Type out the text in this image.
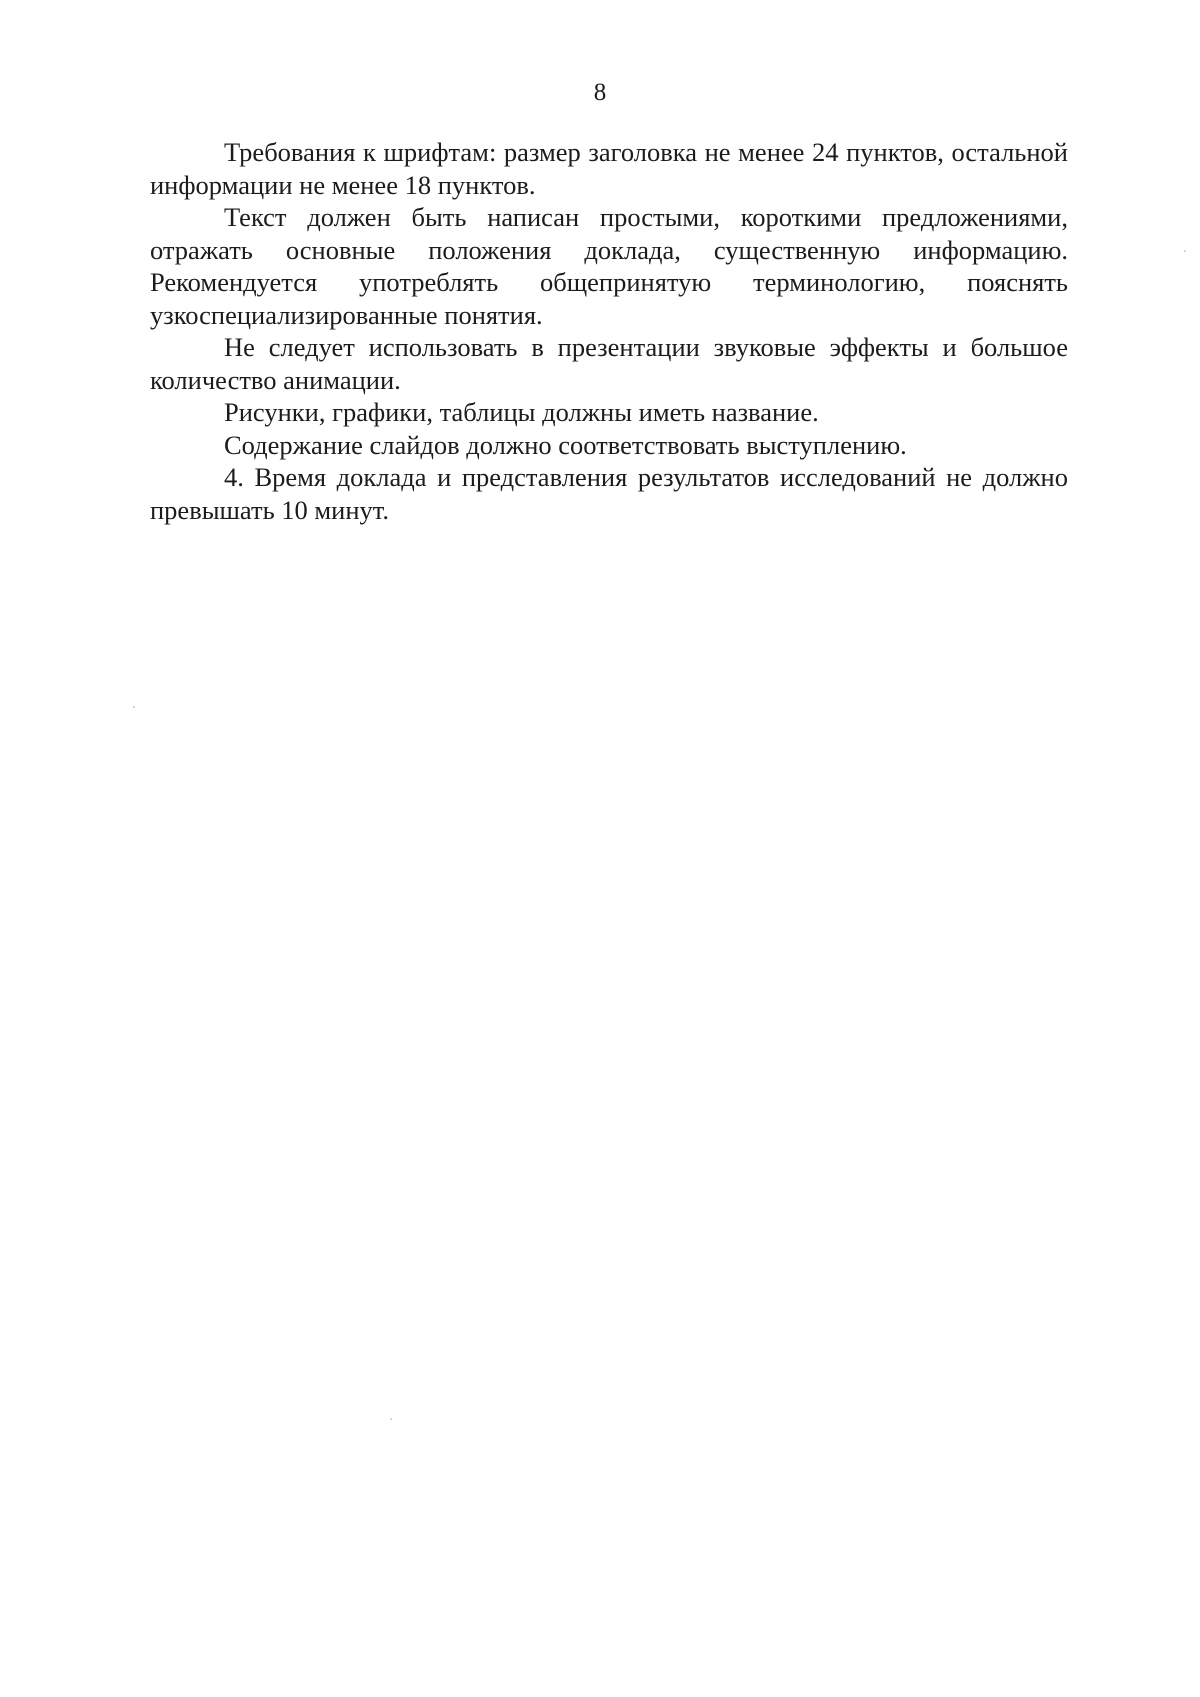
8

Требования к шрифтам: размер заголовка не менее 24 пунктов, остальной информации не менее 18 пунктов.

Текст должен быть написан простыми, короткими предложениями, отражать основные положения доклада, существенную информацию. Рекомендуется употреблять общепринятую терминологию, пояснять узкоспециализированные понятия.

Не следует использовать в презентации звуковые эффекты и большое количество анимации.

Рисунки, графики, таблицы должны иметь название.

Содержание слайдов должно соответствовать выступлению.

4. Время доклада и представления результатов исследований не должно превышать 10 минут.
